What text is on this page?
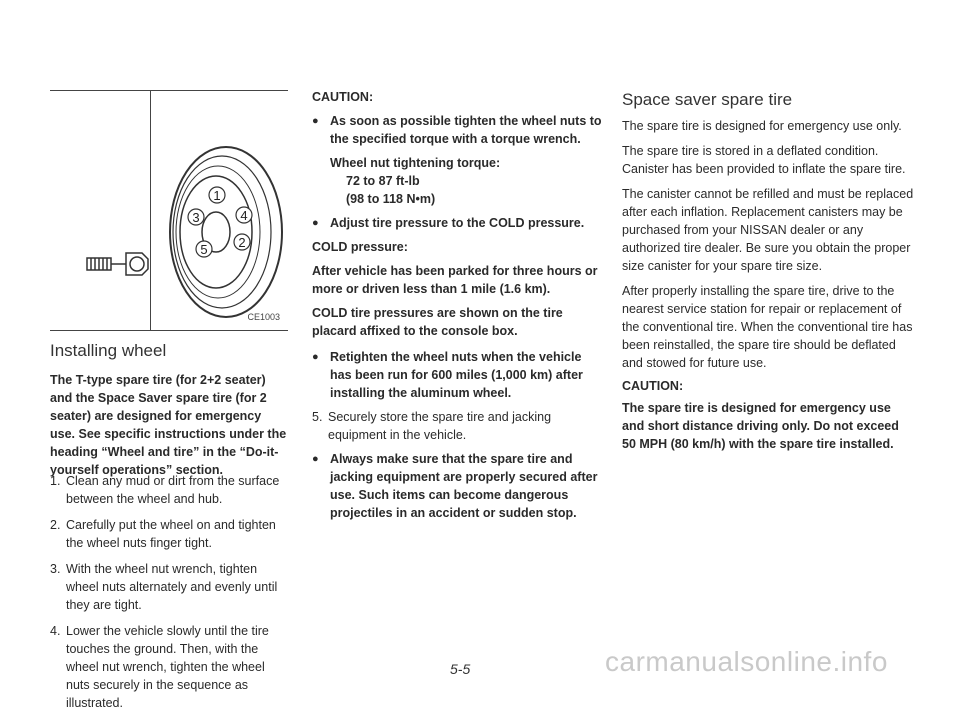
1
4
3
2
5
CE1003
Installing wheel

The T-type spare tire (for 2+2 seater) and the Space Saver spare tire (for 2 seater) are designed for emergency use. See specific instructions under the heading “Wheel and tire” in the “Do-it-yourself operations” section.

1. Clean any mud or dirt from the surface between the wheel and hub.
2. Carefully put the wheel on and tighten the wheel nuts finger tight.
3. With the wheel nut wrench, tighten wheel nuts alternately and evenly until they are tight.
4. Lower the vehicle slowly until the tire touches the ground. Then, with the wheel nut wrench, tighten the wheel nuts securely in the sequence as illustrated.

CAUTION:

● As soon as possible tighten the wheel nuts to the specified torque with a torque wrench.

Wheel nut tightening torque:
72 to 87 ft-lb
(98 to 118 N•m)

● Adjust tire pressure to the COLD pressure.

COLD pressure:

After vehicle has been parked for three hours or more or driven less than 1 mile (1.6 km).

COLD tire pressures are shown on the tire placard affixed to the console box.

● Retighten the wheel nuts when the vehicle has been run for 600 miles (1,000 km) after installing the aluminum wheel.

5. Securely store the spare tire and jacking equipment in the vehicle.

● Always make sure that the spare tire and jacking equipment are properly secured after use. Such items can become dangerous projectiles in an accident or sudden stop.

Space saver spare tire

The spare tire is designed for emergency use only.

The spare tire is stored in a deflated condition. Canister has been provided to inflate the spare tire.

The canister cannot be refilled and must be replaced after each inflation. Replacement canisters may be purchased from your NISSAN dealer or any authorized tire dealer. Be sure you obtain the proper size canister for your spare tire size.

After properly installing the spare tire, drive to the nearest service station for repair or replacement of the conventional tire. When the conventional tire has been reinstalled, the spare tire should be deflated and stowed for future use.

CAUTION:

The spare tire is designed for emergency use and short distance driving only. Do not exceed 50 MPH (80 km/h) with the spare tire installed.

5-5	carmanualsonline.info
